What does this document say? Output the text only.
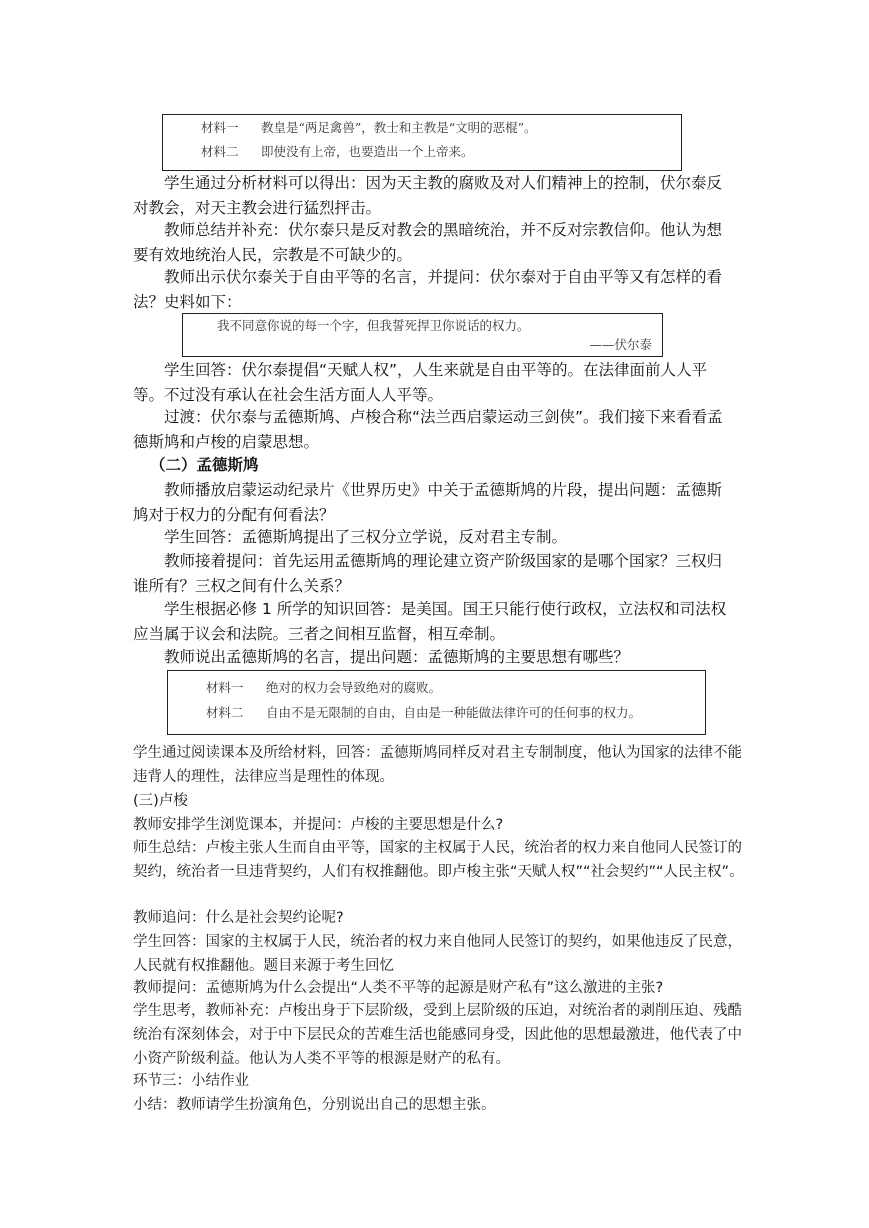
材料一 教皇是“两足禽兽”，教士和主教是“文明的恶棍”。
材料二 即使没有上帝，也要造出一个上帝来。

学生通过分析材料可以得出：因为天主教的腐败及对人们精神上的控制，伏尔泰反对教会，对天主教会进行猛烈抨击。

教师总结并补充：伏尔泰只是反对教会的黑暗统治，并不反对宗教信仰。他认为想要有效地统治人民，宗教是不可缺少的。

教师出示伏尔泰关于自由平等的名言，并提问：伏尔泰对于自由平等又有怎样的看法？史料如下：

我不同意你说的每一个字，但我誓死捍卫你说话的权力。
——伏尔泰

学生回答：伏尔泰提倡“天赋人权”，人生来就是自由平等的。在法律面前人人平等。不过没有承认在社会生活方面人人平等。

过渡：伏尔泰与孟德斯鸠、卢梭合称“法兰西启蒙运动三剑侠”。我们接下来看看孟德斯鸠和卢梭的启蒙思想。

（二）孟德斯鸠

教师播放启蒙运动纪录片《世界历史》中关于孟德斯鸠的片段，提出问题：孟德斯鸠对于权力的分配有何看法？

学生回答：孟德斯鸠提出了三权分立学说，反对君主专制。

教师接着提问：首先运用孟德斯鸠的理论建立资产阶级国家的是哪个国家？三权归谁所有？三权之间有什么关系？

学生根据必修 1 所学的知识回答：是美国。国王只能行使行政权，立法权和司法权应当属于议会和法院。三者之间相互监督，相互牵制。

教师说出孟德斯鸠的名言，提出问题：孟德斯鸠的主要思想有哪些？

材料一 绝对的权力会导致绝对的腐败。
材料二 自由不是无限制的自由，自由是一种能做法律许可的任何事的权力。

学生通过阅读课本及所给材料，回答：孟德斯鸠同样反对君主专制制度，他认为国家的法律不能违背人的理性，法律应当是理性的体现。

(三)卢梭

教师安排学生浏览课本，并提问：卢梭的主要思想是什么?

师生总结：卢梭主张人生而自由平等，国家的主权属于人民，统治者的权力来自他同人民签订的契约，统治者一旦违背契约，人们有权推翻他。即卢梭主张“天赋人权”“社会契约”“人民主权”。

教师追问：什么是社会契约论呢?

学生回答：国家的主权属于人民，统治者的权力来自他同人民签订的契约，如果他违反了民意，人民就有权推翻他。题目来源于考生回忆

教师提问：孟德斯鸠为什么会提出“人类不平等的起源是财产私有”这么激进的主张?

学生思考，教师补充：卢梭出身于下层阶级，受到上层阶级的压迫，对统治者的剥削压迫、残酷统治有深刻体会，对于中下层民众的苦难生活也能感同身受，因此他的思想最激进，他代表了中小资产阶级利益。他认为人类不平等的根源是财产的私有。

环节三：小结作业

小结：教师请学生扮演角色，分别说出自己的思想主张。
